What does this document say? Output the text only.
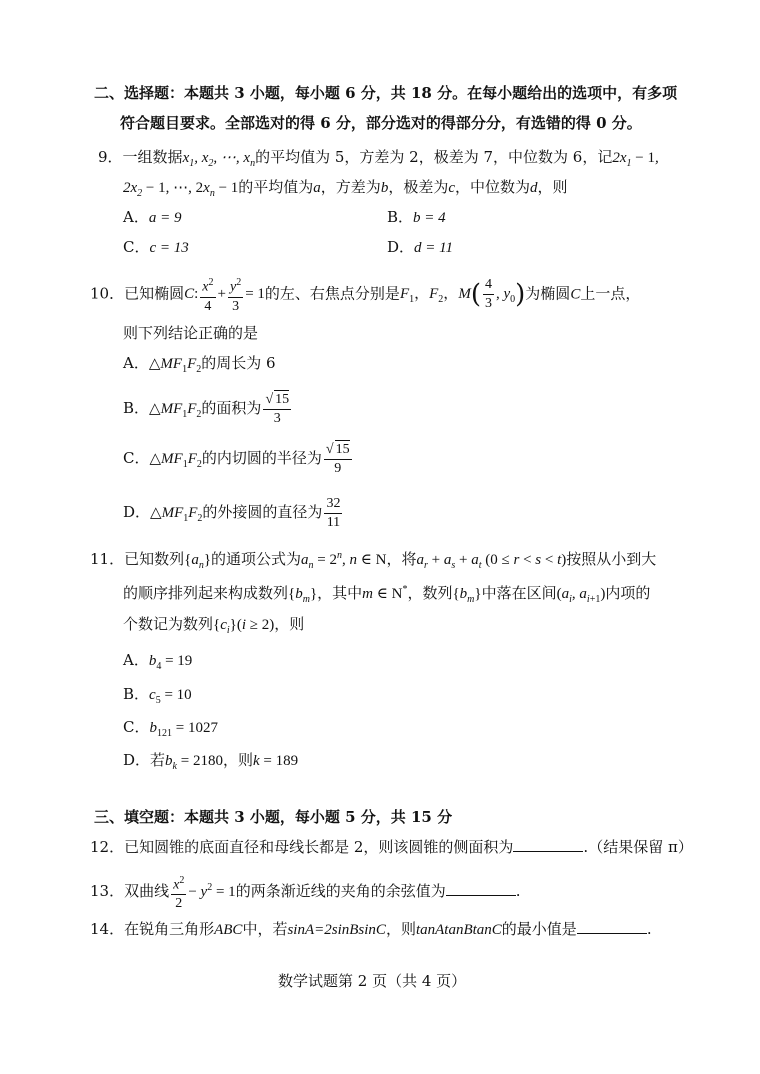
二、选择题：本题共 3 小题，每小题 6 分，共 18 分。在每小题给出的选项中，有多项
符合题目要求。全部选对的得 6 分，部分选对的得部分分，有选错的得 0 分。
9．一组数据$x_1$, $x_2$, ⋯, $x_n$的平均值为 5，方差为 2，极差为 7，中位数为 6，记$2x_1 - 1$,
$2x_2 - 1$, ⋯, $2x_n - 1$的平均值为a，方差为b，极差为c，中位数为d，则
A．a = 9	B．b = 4
C．c = 13	D．d = 11
10．已知椭圆C: $\frac{x^2}{4} + \frac{y^2}{3} = 1$的左、右焦点分别是$F_1$，$F_2$，$M( \frac{4}{3}$ , $y_0$)为椭圆C上一点，
则下列结论正确的是
A．$\triangle MF_1F_2$的周长为 6
B．$\triangle MF_1F_2$的面积为 $\frac{√ 15}{3}$
C．$\triangle MF_1F_2$的内切圆的半径为 $\frac{√ 15}{9}$
D．$\triangle MF_1F_2$的外接圆的直径为 $\frac{32}{11}$
11．已知数列$\{a_n\}$的通项公式为$a_n = 2^n$, n ∈ N，将$a_r + a_s + a_t$ (0 ≤ r < s < t)按照从小到大
的顺序排列起来构成数列$\{b_m\}$，其中m ∈ N*，数列$\{b_m\}$中落在区间($a_i$, $a_{i+1}$)内项的
个数记为数列$\{c_i\}(i \ge 2)$，则
A．$b_4 = 19$
B．$c_5 = 10$
C．$b_{121} = 1027$
D．若$b_k = 2180$，则k = 189
三、填空题：本题共 3 小题，每小题 5 分，共 15 分
12．已知圆锥的底面直径和母线长都是 2，则该圆锥的侧面积为	.（结果保留 π）
13．双曲线 $\frac{x^2}{2} - y^2 = 1$的两条渐近线的夹角的余弦值为	.
14．在锐角三角形ABC中，若sinA=2sinBsinC，则tanAtanBtanC的最小值是	.
数学试题第 2 页（共 4 页）
